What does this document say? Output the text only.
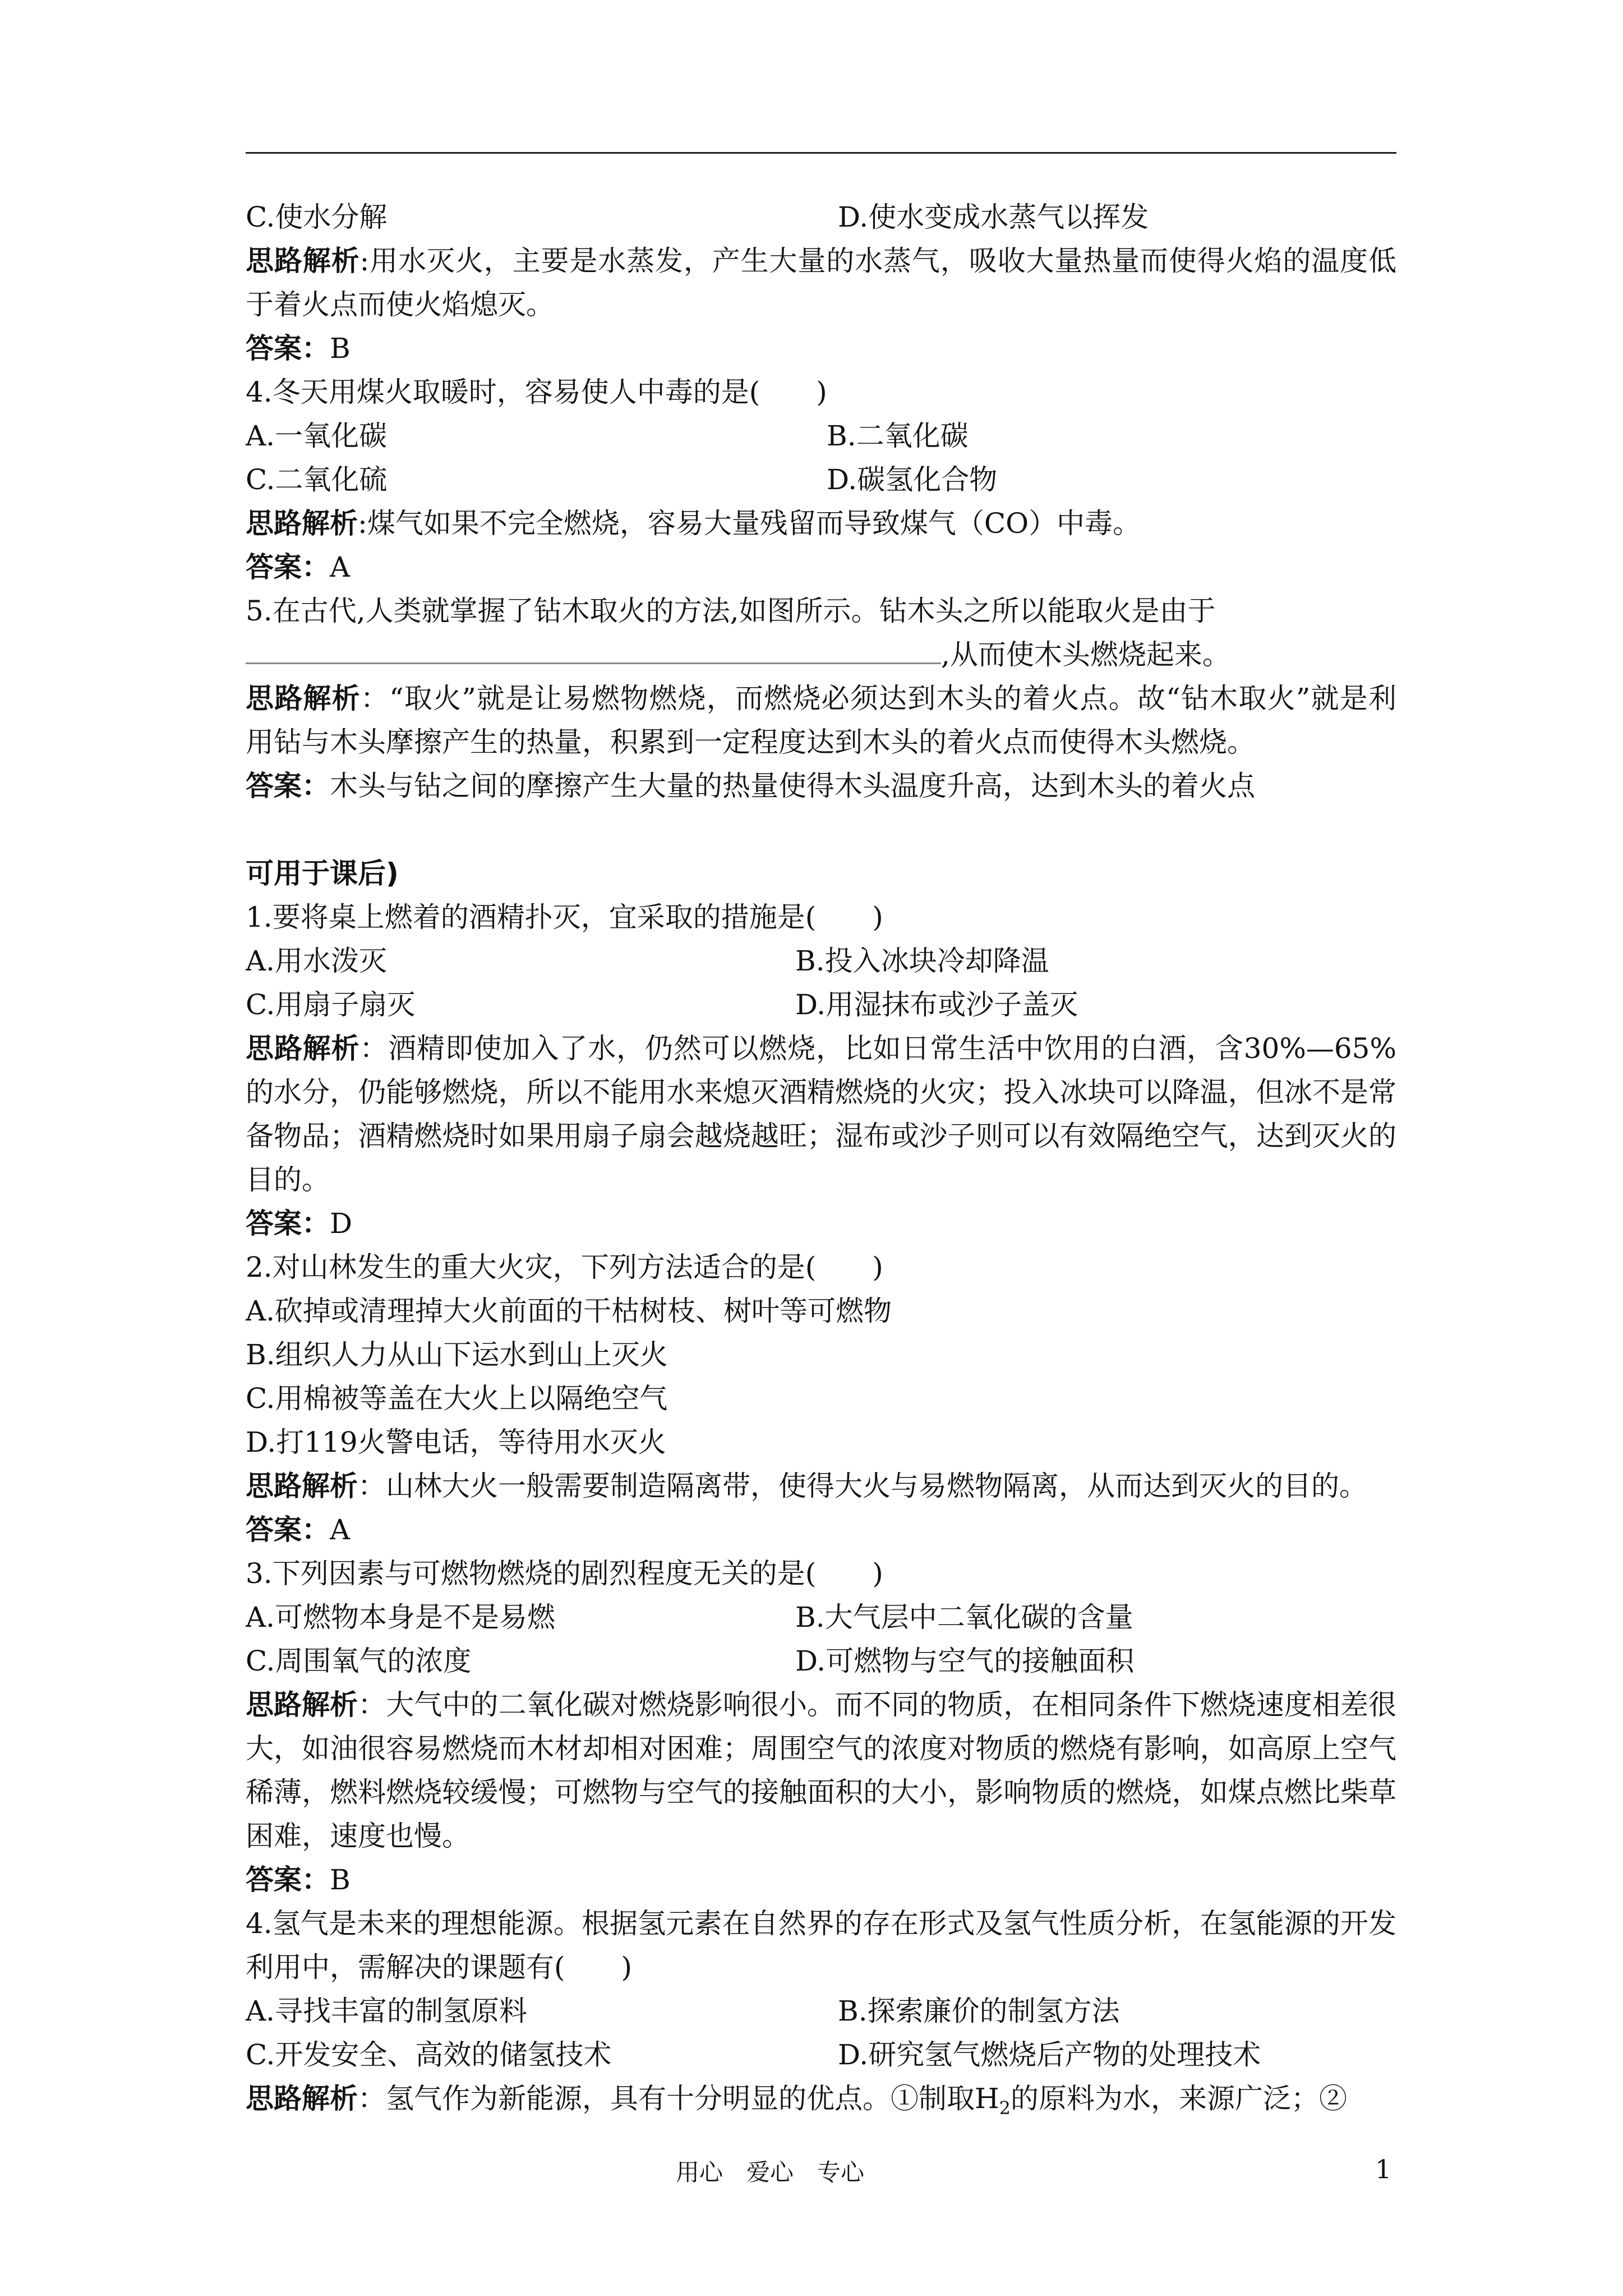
C.使水分解	D.使水变成水蒸气以挥发
思路解析:用水灭火，主要是水蒸发，产生大量的水蒸气，吸收大量热量而使得火焰的温度低于着火点而使火焰熄灭。
答案：B
4.冬天用煤火取暖时，容易使人中毒的是(　　)
A.一氧化碳	B.二氧化碳
C.二氧化硫	D.碳氢化合物
思路解析:煤气如果不完全燃烧，容易大量残留而导致煤气（CO）中毒。
答案：A
5.在古代,人类就掌握了钻木取火的方法,如图所示。钻木头之所以能取火是由于
,从而使木头燃烧起来。
思路解析：“取火”就是让易燃物燃烧，而燃烧必须达到木头的着火点。故“钻木取火”就是利用钻与木头摩擦产生的热量，积累到一定程度达到木头的着火点而使得木头燃烧。
答案：木头与钻之间的摩擦产生大量的热量使得木头温度升高，达到木头的着火点
可用于课后)
1.要将桌上燃着的酒精扑灭，宜采取的措施是(　　)
A.用水泼灭	B.投入冰块冷却降温
C.用扇子扇灭	D.用湿抹布或沙子盖灭
思路解析：酒精即使加入了水，仍然可以燃烧，比如日常生活中饮用的白酒，含30%—65%的水分，仍能够燃烧，所以不能用水来熄灭酒精燃烧的火灾；投入冰块可以降温，但冰不是常备物品；酒精燃烧时如果用扇子扇会越烧越旺；湿布或沙子则可以有效隔绝空气，达到灭火的目的。
答案：D
2.对山林发生的重大火灾，下列方法适合的是(　　)
A.砍掉或清理掉大火前面的干枯树枝、树叶等可燃物
B.组织人力从山下运水到山上灭火
C.用棉被等盖在大火上以隔绝空气
D.打119火警电话，等待用水灭火
思路解析：山林大火一般需要制造隔离带，使得大火与易燃物隔离，从而达到灭火的目的。
答案：A
3.下列因素与可燃物燃烧的剧烈程度无关的是(　　)
A.可燃物本身是不是易燃	B.大气层中二氧化碳的含量
C.周围氧气的浓度	D.可燃物与空气的接触面积
思路解析：大气中的二氧化碳对燃烧影响很小。而不同的物质，在相同条件下燃烧速度相差很大，如油很容易燃烧而木材却相对困难；周围空气的浓度对物质的燃烧有影响，如高原上空气稀薄，燃料燃烧较缓慢；可燃物与空气的接触面积的大小，影响物质的燃烧，如煤点燃比柴草困难，速度也慢。
答案：B
4.氢气是未来的理想能源。根据氢元素在自然界的存在形式及氢气性质分析，在氢能源的开发利用中，需解决的课题有(　　)
A.寻找丰富的制氢原料	B.探索廉价的制氢方法
C.开发安全、高效的储氢技术	D.研究氢气燃烧后产物的处理技术
思路解析：氢气作为新能源，具有十分明显的优点。①制取$H_2$的原料为水，来源广泛；②
用心　爱心　专心	1
